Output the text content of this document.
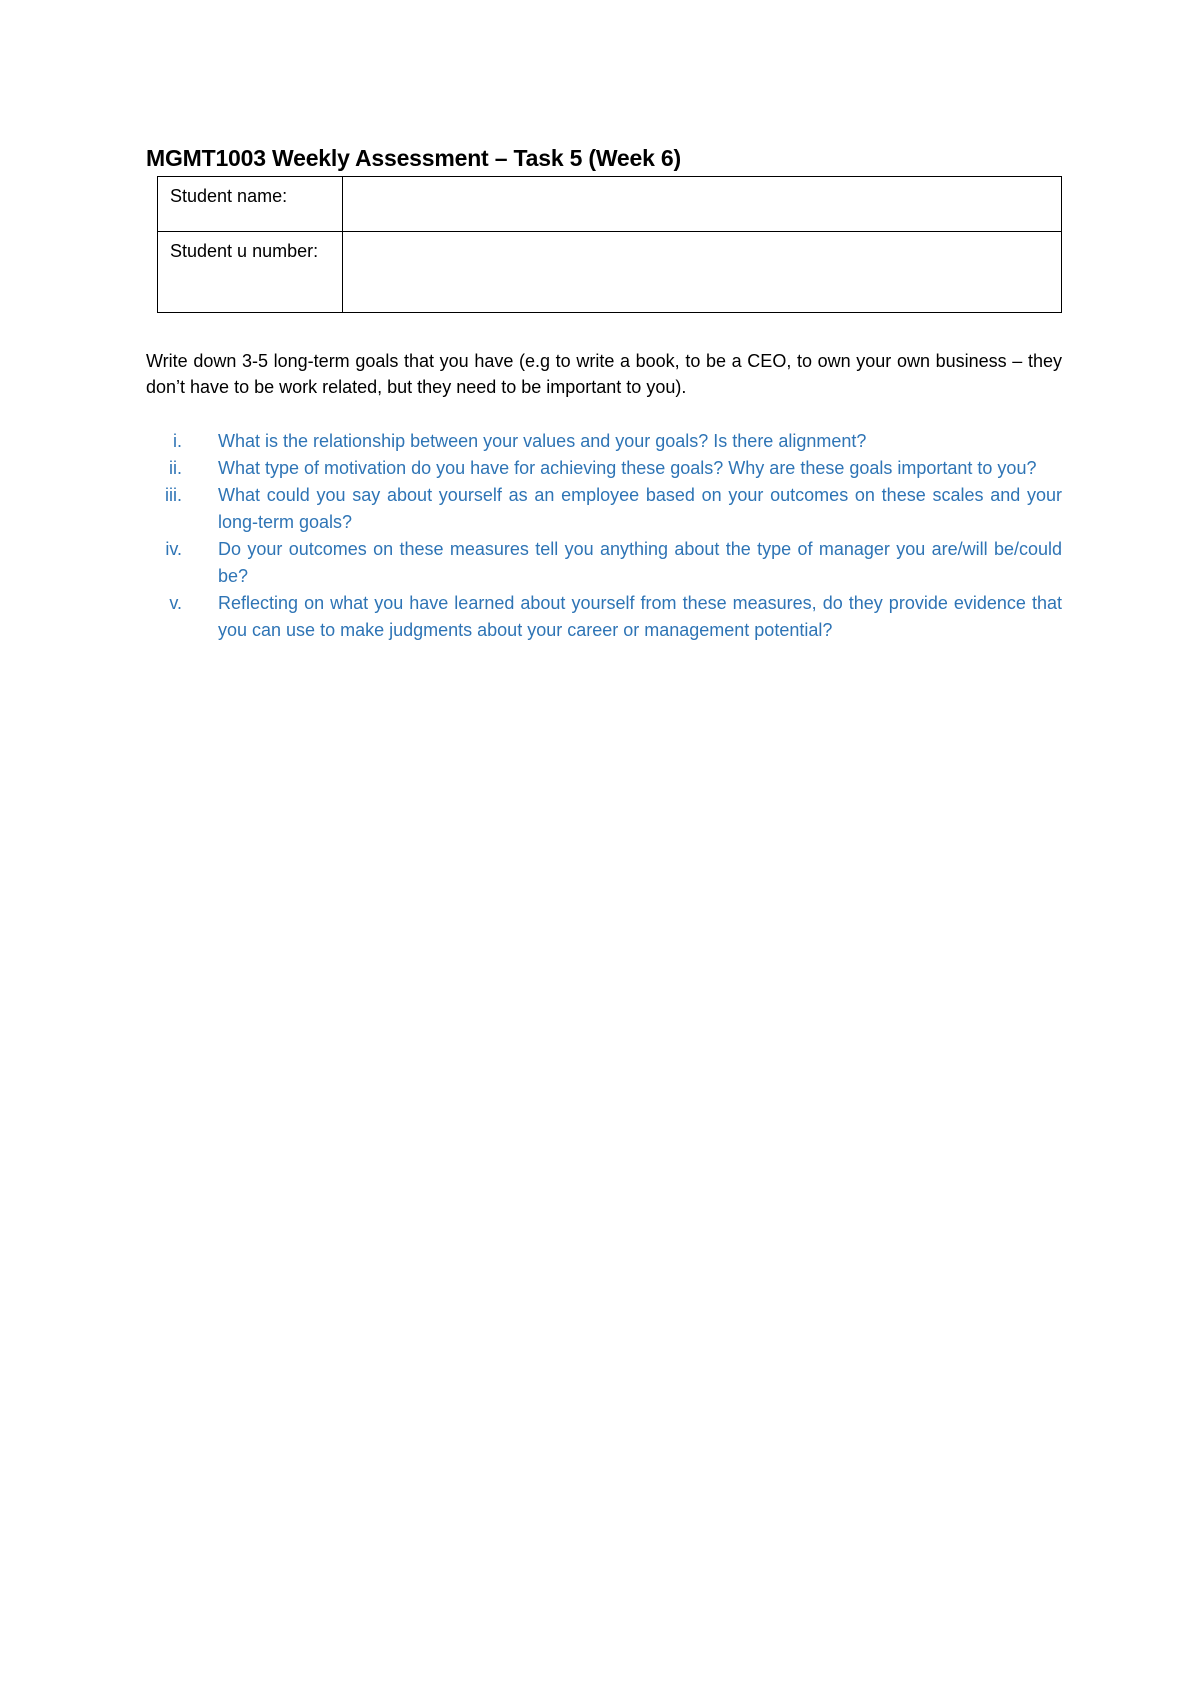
MGMT1003 Weekly Assessment – Task 5 (Week 6)
Student name:	
Student u number:	
Write down 3-5 long-term goals that you have (e.g to write a book, to be a CEO, to own your own business – they don’t have to be work related, but they need to be important to you).
i. What is the relationship between your values and your goals? Is there alignment?
ii. What type of motivation do you have for achieving these goals? Why are these goals important to you?
iii. What could you say about yourself as an employee based on your outcomes on these scales and your long-term goals?
iv. Do your outcomes on these measures tell you anything about the type of manager you are/will be/could be?
v. Reflecting on what you have learned about yourself from these measures, do they provide evidence that you can use to make judgments about your career or management potential?
